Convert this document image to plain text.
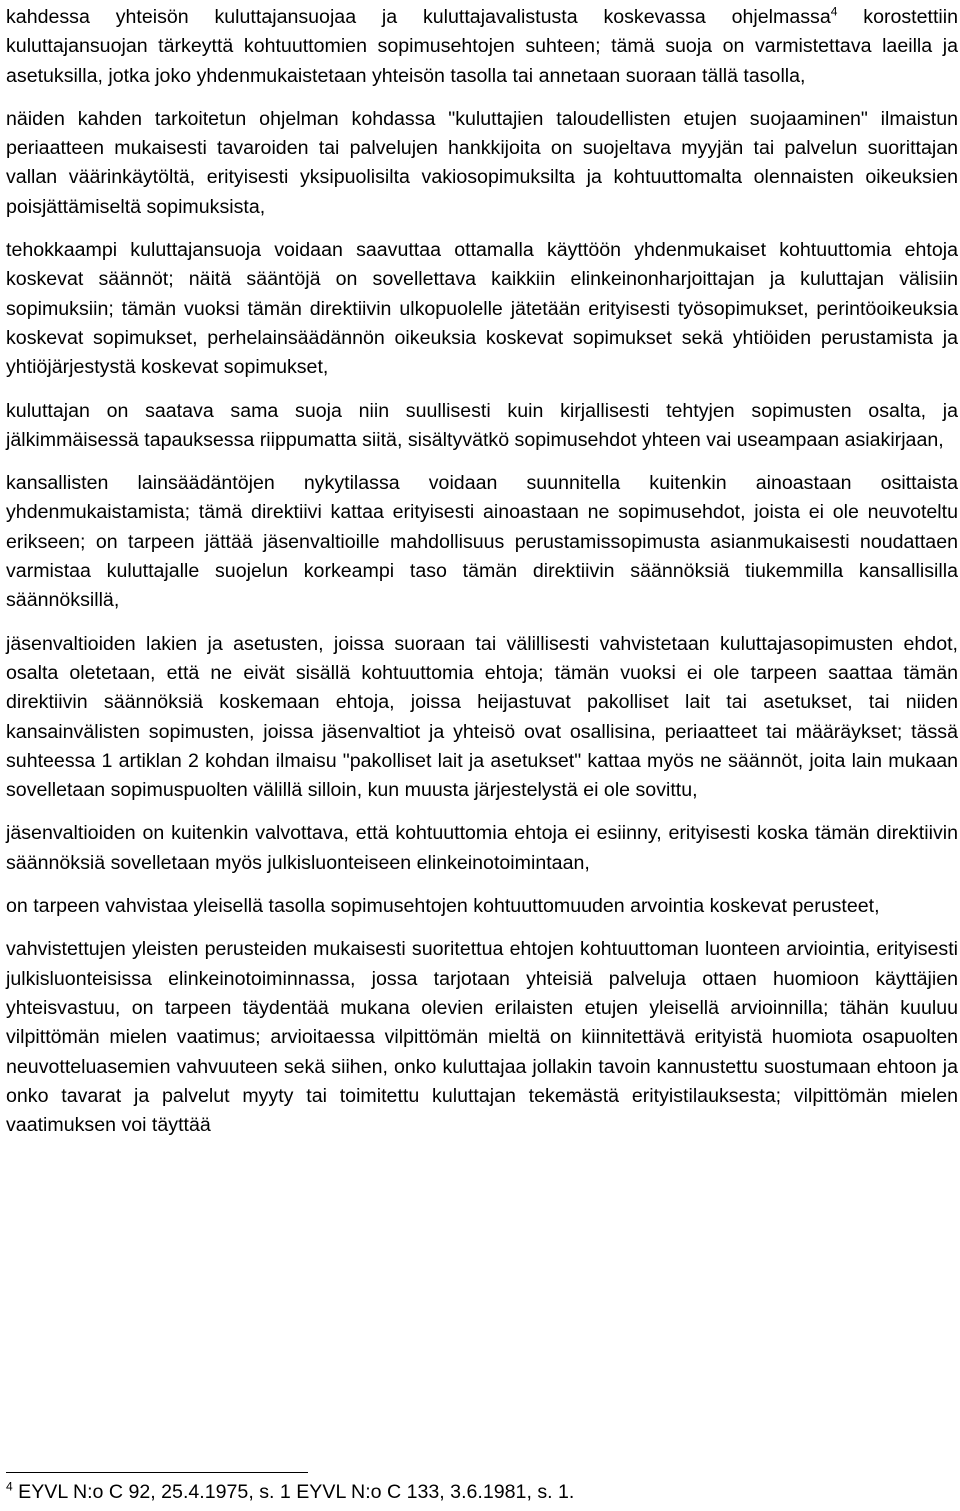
kahdessa yhteisön kuluttajansuojaa ja kuluttajavalistusta koskevassa ohjelmassa$^4$ korostettiin kuluttajansuojan tärkeyttä kohtuuttomien sopimusehtojen suhteen; tämä suoja on varmistettava laeilla ja asetuksilla, jotka joko yhdenmukaistetaan yhteisön tasolla tai annetaan suoraan tällä tasolla,

näiden kahden tarkoitetun ohjelman kohdassa "kuluttajien taloudellisten etujen suojaaminen" ilmaistun periaatteen mukaisesti tavaroiden tai palvelujen hankkijoita on suojeltava myyjän tai palvelun suorittajan vallan väärinkäytöltä, erityisesti yksipuolisilta vakiosopimuksilta ja kohtuuttomalta olennaisten oikeuksien poisjättämiseltä sopimuksista,

tehokkaampi kuluttajansuoja voidaan saavuttaa ottamalla käyttöön yhdenmukaiset kohtuuttomia ehtoja koskevat säännöt; näitä sääntöjä on sovellettava kaikkiin elinkeinonharjoittajan ja kuluttajan välisiin sopimuksiin; tämän vuoksi tämän direktiivin ulkopuolelle jätetään erityisesti työsopimukset, perintöoikeuksia koskevat sopimukset, perhelainsäädännön oikeuksia koskevat sopimukset sekä yhtiöiden perustamista ja yhtiöjärjestystä koskevat sopimukset,

kuluttajan on saatava sama suoja niin suullisesti kuin kirjallisesti tehtyjen sopimusten osalta, ja jälkimmäisessä tapauksessa riippumatta siitä, sisältyvätkö sopimusehdot yhteen vai useampaan asiakirjaan,

kansallisten lainsäädäntöjen nykytilassa voidaan suunnitella kuitenkin ainoastaan osittaista yhdenmukaistamista; tämä direktiivi kattaa erityisesti ainoastaan ne sopimusehdot, joista ei ole neuvoteltu erikseen; on tarpeen jättää jäsenvaltioille mahdollisuus perustamissopimusta asianmukaisesti noudattaen varmistaa kuluttajalle suojelun korkeampi taso tämän direktiivin säännöksiä tiukemmilla kansallisilla säännöksillä,

jäsenvaltioiden lakien ja asetusten, joissa suoraan tai välillisesti vahvistetaan kuluttajasopimusten ehdot, osalta oletetaan, että ne eivät sisällä kohtuuttomia ehtoja; tämän vuoksi ei ole tarpeen saattaa tämän direktiivin säännöksiä koskemaan ehtoja, joissa heijastuvat pakolliset lait tai asetukset, tai niiden kansainvälisten sopimusten, joissa jäsenvaltiot ja yhteisö ovat osallisina, periaatteet tai määräykset; tässä suhteessa 1 artiklan 2 kohdan ilmaisu "pakolliset lait ja asetukset" kattaa myös ne säännöt, joita lain mukaan sovelletaan sopimuspuolten välillä silloin, kun muusta järjestelystä ei ole sovittu,

jäsenvaltioiden on kuitenkin valvottava, että kohtuuttomia ehtoja ei esiinny, erityisesti koska tämän direktiivin säännöksiä sovelletaan myös julkisluonteiseen elinkeinotoimintaan,

on tarpeen vahvistaa yleisellä tasolla sopimusehtojen kohtuuttomuuden arvointia koskevat perusteet,

vahvistettujen yleisten perusteiden mukaisesti suoritettua ehtojen kohtuuttoman luonteen arviointia, erityisesti julkisluonteisissa elinkeinotoiminnassa, jossa tarjotaan yhteisiä palveluja ottaen huomioon käyttäjien yhteisvastuu, on tarpeen täydentää mukana olevien erilaisten etujen yleisellä arvioinnilla; tähän kuuluu vilpittömän mielen vaatimus; arvioitaessa vilpittömän mieltä on kiinnitettävä erityistä huomiota osapuolten neuvotteluasemien vahvuuteen sekä siihen, onko kuluttajaa jollakin tavoin kannustettu suostumaan ehtoon ja onko tavarat ja palvelut myyty tai toimitettu kuluttajan tekemästä erityistilauksesta; vilpittömän mielen vaatimuksen voi täyttää

$^4$ EYVL N:o C 92, 25.4.1975, s. 1 EYVL N:o C 133, 3.6.1981, s. 1.
